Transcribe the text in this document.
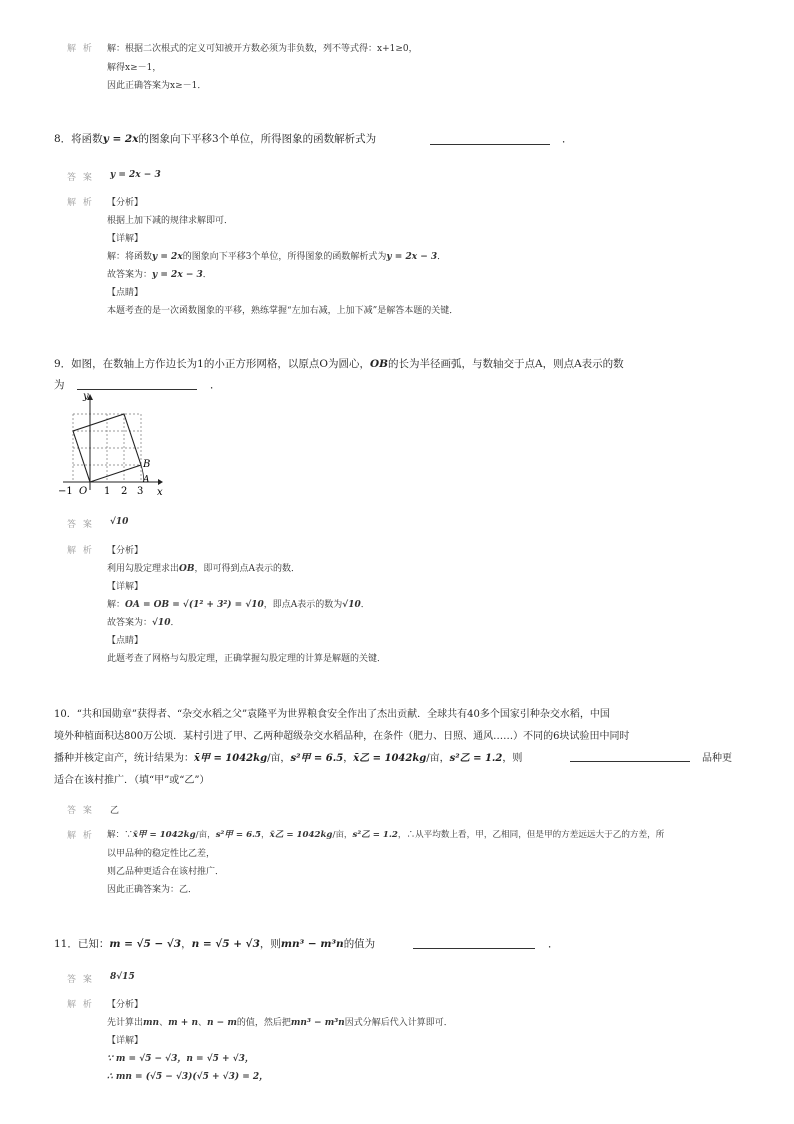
解 析 解：根据二次根式的定义可知被开方数必须为非负数，列不等式得：x+1≥0，
解得x≥－1，
因此正确答案为x≥－1．
8．将函数y = 2x的图象向下平移3个单位，所得图象的函数解析式为	．
答 案 y = 2x − 3
解 析 【分析】
根据上加下减的规律求解即可．
【详解】
解：将函数y = 2x的图象向下平移3个单位，所得图象的函数解析式为y = 2x − 3．
故答案为：y = 2x − 3．
【点睛】
本题考查的是一次函数图象的平移，熟练掌握“左加右减，上加下减”是解答本题的关键．
9．如图，在数轴上方作边长为1的小正方形网格，以原点O为圆心，OB的长为半径画弧，与数轴交于点A，则点A表示的数
为	．
y
x
O
−1	1 2 3
A
B
答 案 √10
解 析 【分析】
利用勾股定理求出OB，即可得到点A表示的数．
【详解】
解：OA = OB = √(1² + 3²) = √10，即点A表示的数为√10．
故答案为：√10．
【点睛】
此题考查了网格与勾股定理，正确掌握勾股定理的计算是解题的关键．
10．“共和国勋章”获得者、“杂交水稻之父”袁隆平为世界粮食安全作出了杰出贡献．全球共有40多个国家引种杂交水稻，中国
境外种植面积达800万公顷．某村引进了甲、乙两种超级杂交水稻品种，在条件（肥力、日照、通风……）不同的6块试验田中同时
播种并核定亩产，统计结果为：x̄甲 = 1042kg/亩，s²甲 = 6.5，x̄乙 = 1042kg/亩，s²乙 = 1.2，则	品种更
适合在该村推广．（填“甲”或“乙”）
答 案 乙
解 析 解：∵x̄甲 = 1042kg/亩，s²甲 = 6.5，x̄乙 = 1042kg/亩，s²乙 = 1.2，∴从平均数上看，甲，乙相同，但是甲的方差远远大于乙的方差，所
以甲品种的稳定性比乙差，
则乙品种更适合在该村推广．
因此正确答案为：乙．
11．已知：m = √5 − √3，n = √5 + √3，则mn³ − m³n的值为	．
答 案 8√15
解 析 【分析】
先计算出mn、m + n、n − m的值，然后把mn³ − m³n因式分解后代入计算即可．
【详解】
∵ m = √5 − √3，n = √5 + √3，
∴ mn = (√5 − √3)(√5 + √3) = 2，
